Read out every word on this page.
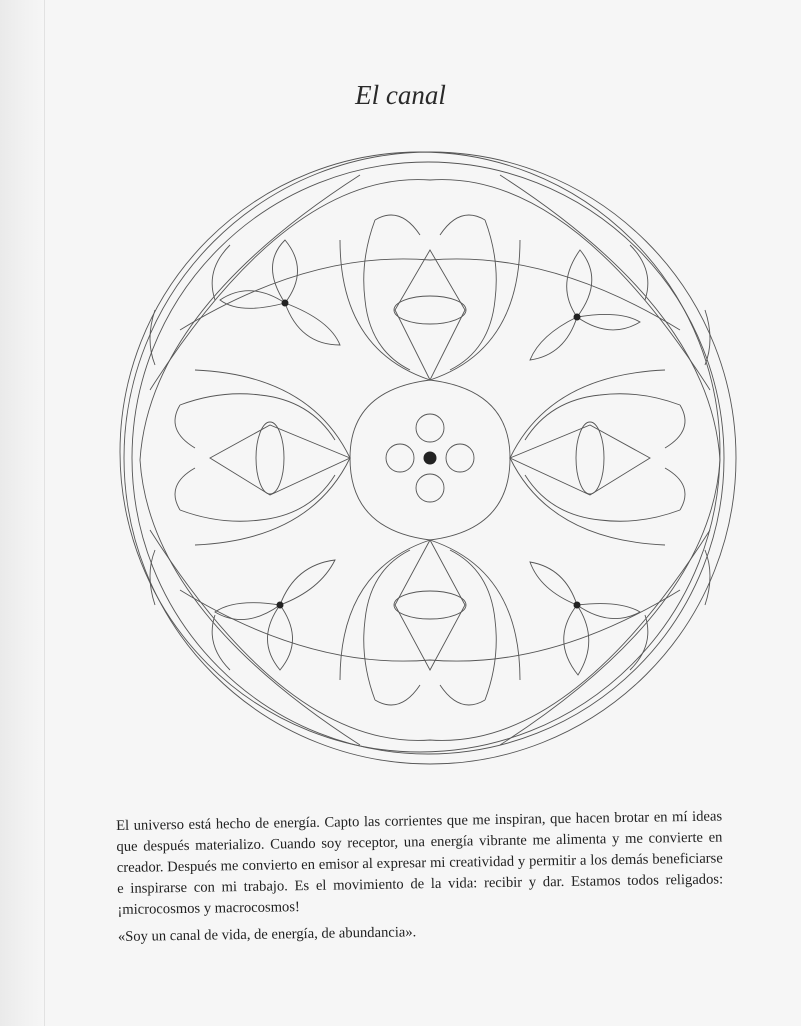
El canal

El universo está hecho de energía. Capto las corrientes que me inspiran, que hacen brotar en mí ideas que después materializo. Cuando soy receptor, una energía vibrante me alimenta y me convierte en creador. Después me convierto en emisor al expresar mi creatividad y permitir a los demás beneficiarse e inspirarse con mi trabajo. Es el movimiento de la vida: recibir y dar. Estamos todos religados: ¡microcosmos y macrocosmos!

«Soy un canal de vida, de energía, de abundancia».
